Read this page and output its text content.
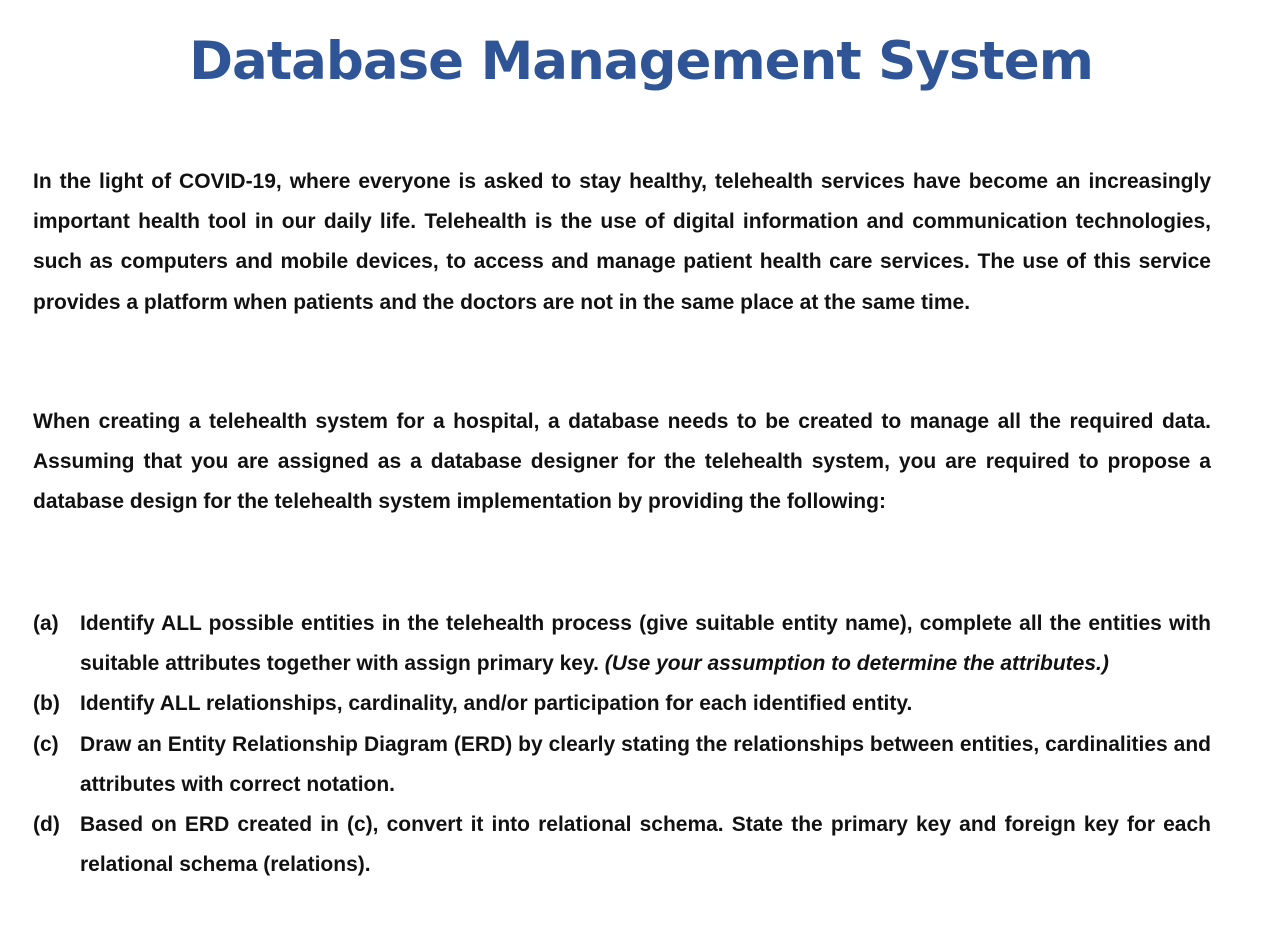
Database Management System

In the light of COVID-19, where everyone is asked to stay healthy, telehealth services have become an increasingly important health tool in our daily life. Telehealth is the use of digital information and communication technologies, such as computers and mobile devices, to access and manage patient health care services. The use of this service provides a platform when patients and the doctors are not in the same place at the same time.

When creating a telehealth system for a hospital, a database needs to be created to manage all the required data. Assuming that you are assigned as a database designer for the telehealth system, you are required to propose a database design for the telehealth system implementation by providing the following:

(a) Identify ALL possible entities in the telehealth process (give suitable entity name), complete all the entities with suitable attributes together with assign primary key. (Use your assumption to determine the attributes.)
(b) Identify ALL relationships, cardinality, and/or participation for each identified entity.
(c) Draw an Entity Relationship Diagram (ERD) by clearly stating the relationships between entities, cardinalities and attributes with correct notation.
(d) Based on ERD created in (c), convert it into relational schema. State the primary key and foreign key for each relational schema (relations).
